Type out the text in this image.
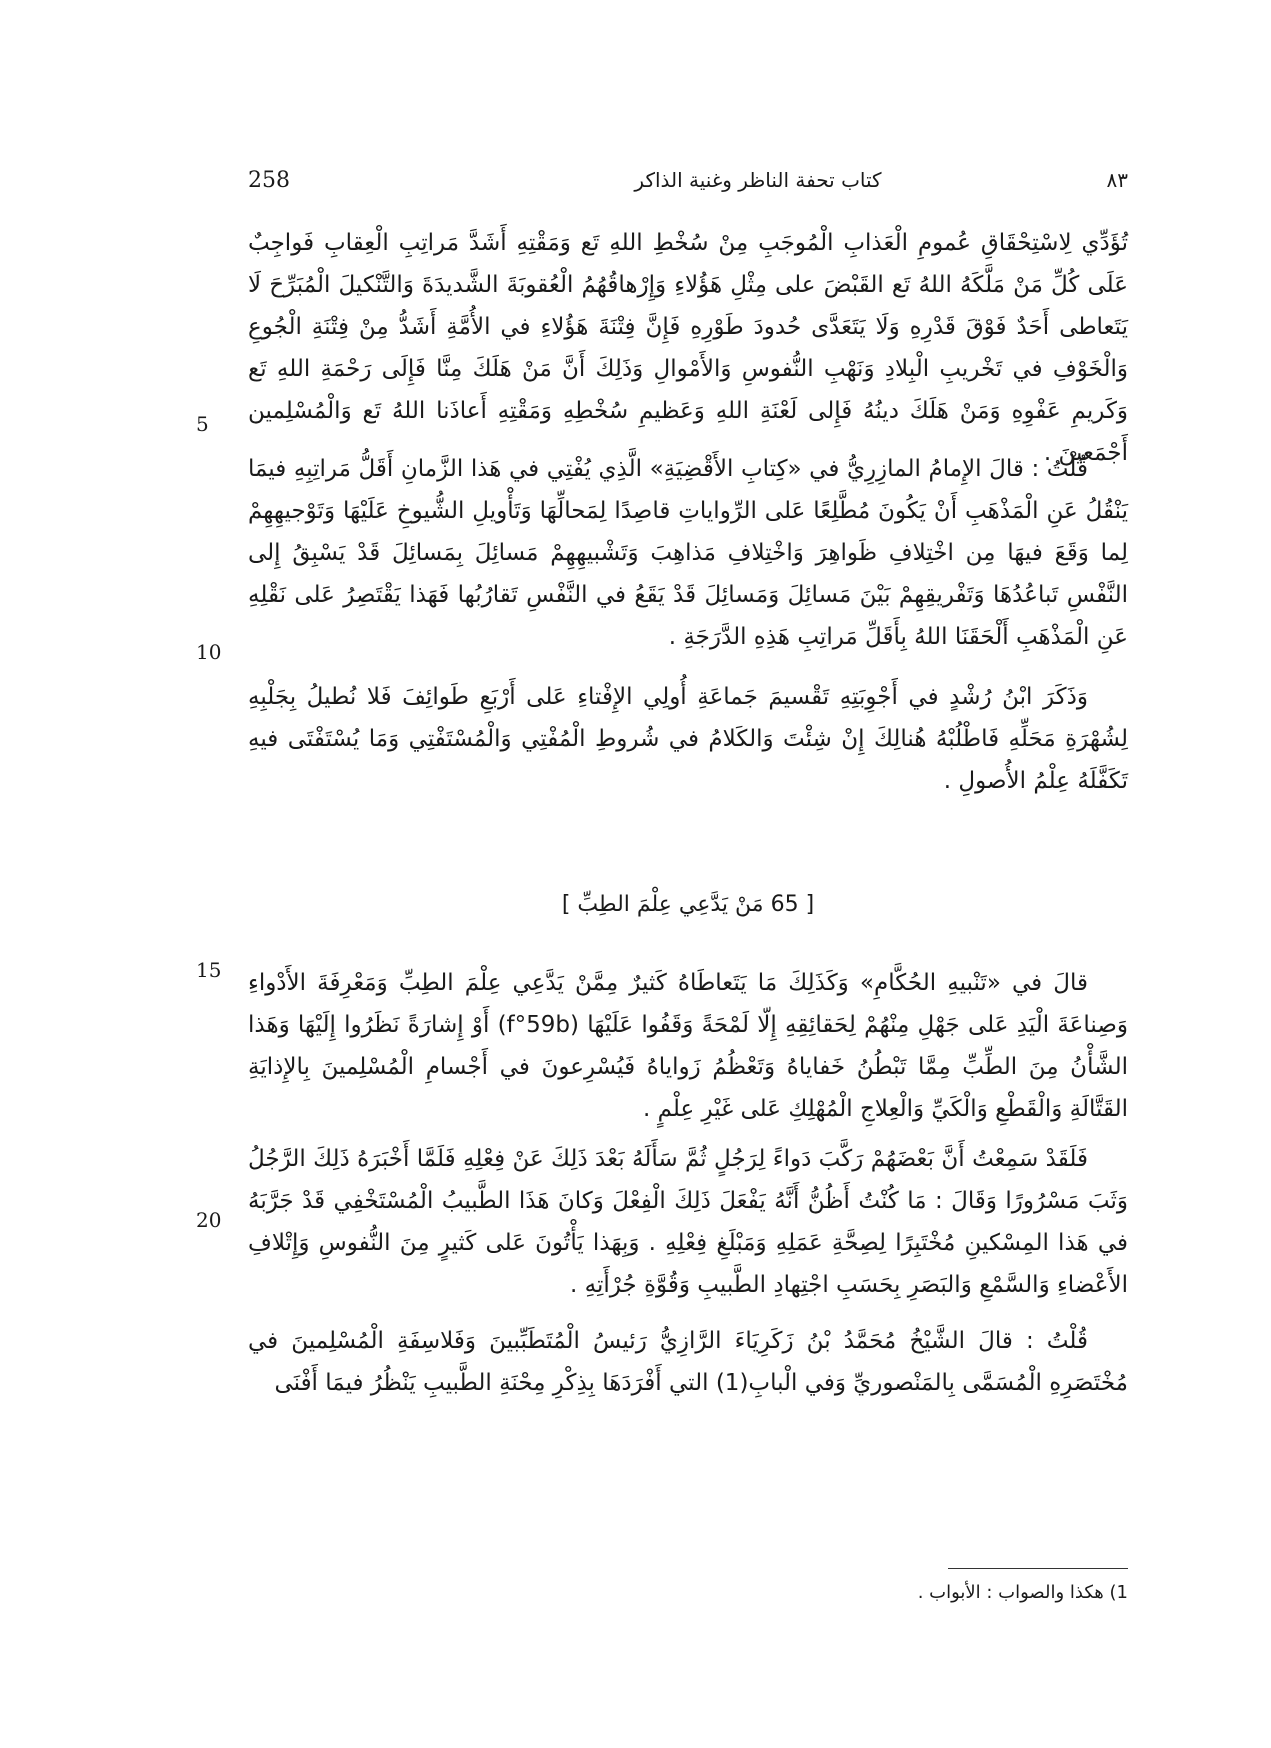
258	كتاب تحفة الناظر وغنية الذاكر	٨٣

تُؤَدِّي لِاسْتِحْقَاقِ عُمومِ الْعَذابِ الْمُوجَبِ مِنْ سُخْطِ اللهِ تَع وَمَقْتِهِ أَشَدَّ مَراتِبِ الْعِقابِ فَواجِبٌ عَلَى كُلِّ مَنْ مَلَّكَهُ اللهُ تَع القَبْضَ على مِثْلِ هَؤُلاءِ وَإِرْهاقُهُمُ الْعُقوبَةَ الشَّديدَةَ وَالتَّنْكيلَ الْمُبَرِّحَ لَا يَتَعاطى أَحَدٌ فَوْقَ قَدْرِهِ وَلَا يَتَعَدَّى حُدودَ طَوْرِهِ فَإِنَّ فِتْنَةَ هَؤُلاءِ في الأُمَّةِ أَشَدُّ مِنْ فِتْنَةِ الْجُوعِ وَالْخَوْفِ في تَخْريبِ الْبِلادِ وَنَهْبِ النُّفوسِ وَالأَمْوالِ وَذَلِكَ أَنَّ مَنْ هَلَكَ مِنَّا فَإِلَى رَحْمَةِ اللهِ تَع وَكَريمِ عَفْوِهِ وَمَنْ هَلَكَ دينُهُ فَإِلى لَعْنَةِ اللهِ وَعَظيمِ سُخْطِهِ وَمَقْتِهِ أَعاذَنا اللهُ تَع وَالْمُسْلِمين أَجْمَعينَ .

قُلْتُ : قالَ الإِمامُ المازِرِيُّ في «كِتابِ الأَقْضِيَةِ» الَّذِي يُفْتِي في هَذا الزَّمانِ أَقَلُّ مَراتِبِهِ فيمَا يَنْقُلُ عَنِ الْمَذْهَبِ أَنْ يَكُونَ مُطَّلِعًا عَلى الرِّواياتِ قاصِدًا لِمَحالِّهَا وَتَأْويلِ الشُّيوخِ عَلَيْهَا وَتَوْجيهِهِمْ لِما وَقَعَ فيهَا مِن اخْتِلافِ ظَواهِرَ وَاخْتِلافِ مَذاهِبَ وَتَشْبيهِهِمْ مَسائِلَ بِمَسائِلَ قَدْ يَسْبِقُ إِلى النَّفْسِ تَباعُدُهَا وَتَفْريقِهِمْ بَيْنَ مَسائِلَ وَمَسائِلَ قَدْ يَقَعُ في النَّفْسِ تَقارُبُها فَهَذا يَقْتَصِرُ عَلى نَقْلِهِ عَنِ الْمَذْهَبِ أَلْحَقَنَا اللهُ بِأَقَلِّ مَراتِبِ هَذِهِ الدَّرَجَةِ .

وَذَكَرَ ابْنُ رُشْدٍ في أَجْوِبَتِهِ تَقْسيمَ جَماعَةِ أُولِي الإِفْتاءِ عَلى أَرْبَعِ طَوائِفَ فَلا نُطيلُ بِجَلْبِهِ لِشُهْرَةِ مَحَلِّهِ فَاطْلُبْهُ هُنالِكَ إِنْ شِئْتَ وَالكَلامُ في شُروطِ الْمُفْتِي وَالْمُسْتَفْتِي وَمَا يُسْتَفْتَى فيهِ تَكَفَّلَهُ عِلْمُ الأُصولِ .

[ 65 مَنْ يَدَّعِي عِلْمَ الطِبِّ ]

قالَ في «تَنْبيهِ الحُكَّامِ» وَكَذَلِكَ مَا يَتَعاطَاهُ كَثيرٌ مِمَّنْ يَدَّعِي عِلْمَ الطِبِّ وَمَعْرِفَةَ الأَدْواءِ وَصِناعَةَ الْيَدِ عَلى جَهْلِ مِنْهُمْ لِحَقائِقِهِ إِلّا لَمْحَةً وَقَفُوا عَلَيْهَا (f°59b) أَوْ إِشارَةً نَظَرُوا إِلَيْهَا وَهَذا الشَّأْنُ مِنَ الطِّبِّ مِمَّا تَبْطُنُ خَفاياهُ وَتَعْظُمُ زَواياهُ فَيُسْرِعونَ في أَجْسامِ الْمُسْلِمينَ بِالإِذايَةِ القَتَّالَةِ وَالْقَطْعِ وَالْكَيِّ وَالْعِلاجِ الْمُهْلِكِ عَلى غَيْرِ عِلْمٍ .

فَلَقَدْ سَمِعْتُ أَنَّ بَعْضَهُمْ رَكَّبَ دَواءً لِرَجُلٍ ثُمَّ سَأَلَهُ بَعْدَ ذَلِكَ عَنْ فِعْلِهِ فَلَمَّا أَخْبَرَهُ ذَلِكَ الرَّجُلُ وَثَبَ مَسْرُورًا وَقَالَ : مَا كُنْتُ أَظُنُّ أَنَّهُ يَفْعَلَ ذَلِكَ الْفِعْلَ وَكانَ هَذَا الطَّبيبُ الْمُسْتَخْفِي قَدْ جَرَّبَهُ في هَذا المِسْكينِ مُخْتَبِرًا لِصِحَّةِ عَمَلِهِ وَمَبْلَغِ فِعْلِهِ . وَبِهَذا يَأْتُونَ عَلى كَثيرٍ مِنَ النُّفوسِ وَإِتْلافِ الأَعْضاءِ وَالسَّمْعِ وَالبَصَرِ بِحَسَبِ اجْتِهادِ الطَّبيبِ وَقُوَّةِ جُرْأَتِهِ .

قُلْتُ : قالَ الشَّيْخُ مُحَمَّدُ بْنُ زَكَرِيَاءَ الرَّازِيُّ رَئيسُ الْمُتَطَبِّبينَ وَفَلاسِفَةِ الْمُسْلِمينَ في مُخْتَصَرِهِ الْمُسَمَّى بِالمَنْصوريِّ وَفي الْبابِ(1) التي أَفْرَدَهَا بِذِكْرِ مِحْنَةِ الطَّبيبِ يَنْظُرُ فيمَا أَفْنَى

5
10
15
20
1) هكذا والصواب : الأبواب .
